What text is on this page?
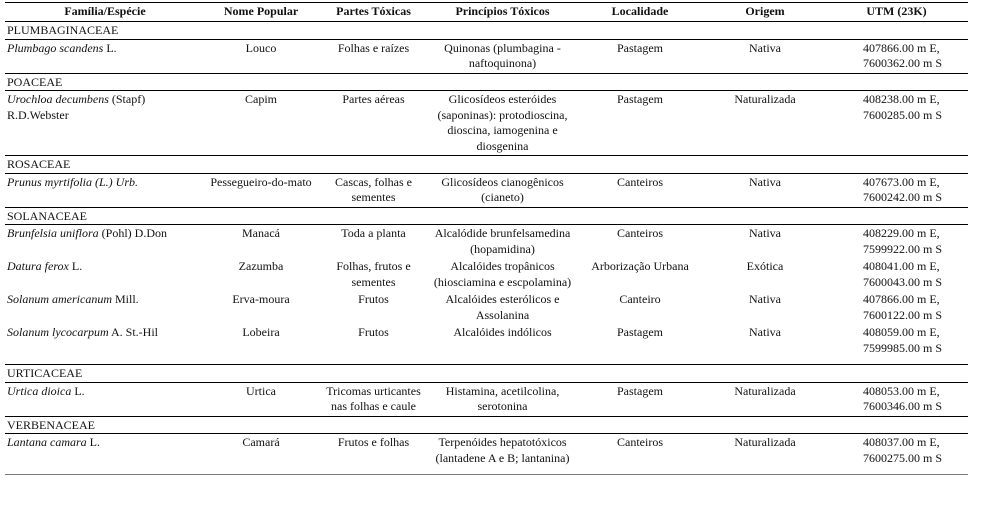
Família/Espécie	Nome Popular	Partes Tóxicas	Princípios Tóxicos	Localidade	Origem	UTM (23K)
PLUMBAGINACEAE						
Plumbago scandens L.	Louco	Folhas e raízes	Quinonas (plumbagina - naftoquinona)	Pastagem	Nativa	407866.00 m E,
7600362.00 m S

POACEAE						
Urochloa decumbens (Stapf) R.D.Webster	Capim	Partes aéreas	Glicosídeos esteróides (saponinas): protodioscina, dioscina, iamogenina e diosgenina	Pastagem	Naturalizada	408238.00 m E,
7600285.00 m S

ROSACEAE						
Prunus myrtifolia (L.) Urb.	Pessegueiro-do-mato	Cascas, folhas e sementes	Glicosídeos cianogênicos (cianeto)	Canteiros	Nativa	407673.00 m E,
7600242.00 m S

SOLANACEAE						
Brunfelsia uniflora (Pohl) D.Don	Manacá	Toda a planta	Alcalódide brunfelsamedina (hopamidina)	Canteiros	Nativa	408229.00 m E,
7599922.00 m S

Datura ferox L.	Zazumba	Folhas, frutos e sementes	Alcalóides tropânicos (hiosciamina e escpolamina)	Arborização Urbana	Exótica	408041.00 m E,
7600043.00 m S

Solanum americanum Mill.	Erva-moura	Frutos	Alcalóides esterólicos e Assolanina	Canteiro	Nativa	407866.00 m E,
7600122.00 m S

Solanum lycocarpum A. St.-Hil	Lobeira	Frutos	Alcalóides indólicos	Pastagem	Nativa	408059.00 m E,
7599985.00 m S

URTICACEAE						
Urtica dioica L.	Urtica	Tricomas urticantes nas folhas e caule	Histamina, acetilcolina, serotonina	Pastagem	Naturalizada	408053.00 m E,
7600346.00 m S

VERBENACEAE						
Lantana camara L.	Camará	Frutos e folhas	Terpenóides hepatotóxicos (lantadene A e B; lantanina)	Canteiros	Naturalizada	408037.00 m E,
7600275.00 m S
